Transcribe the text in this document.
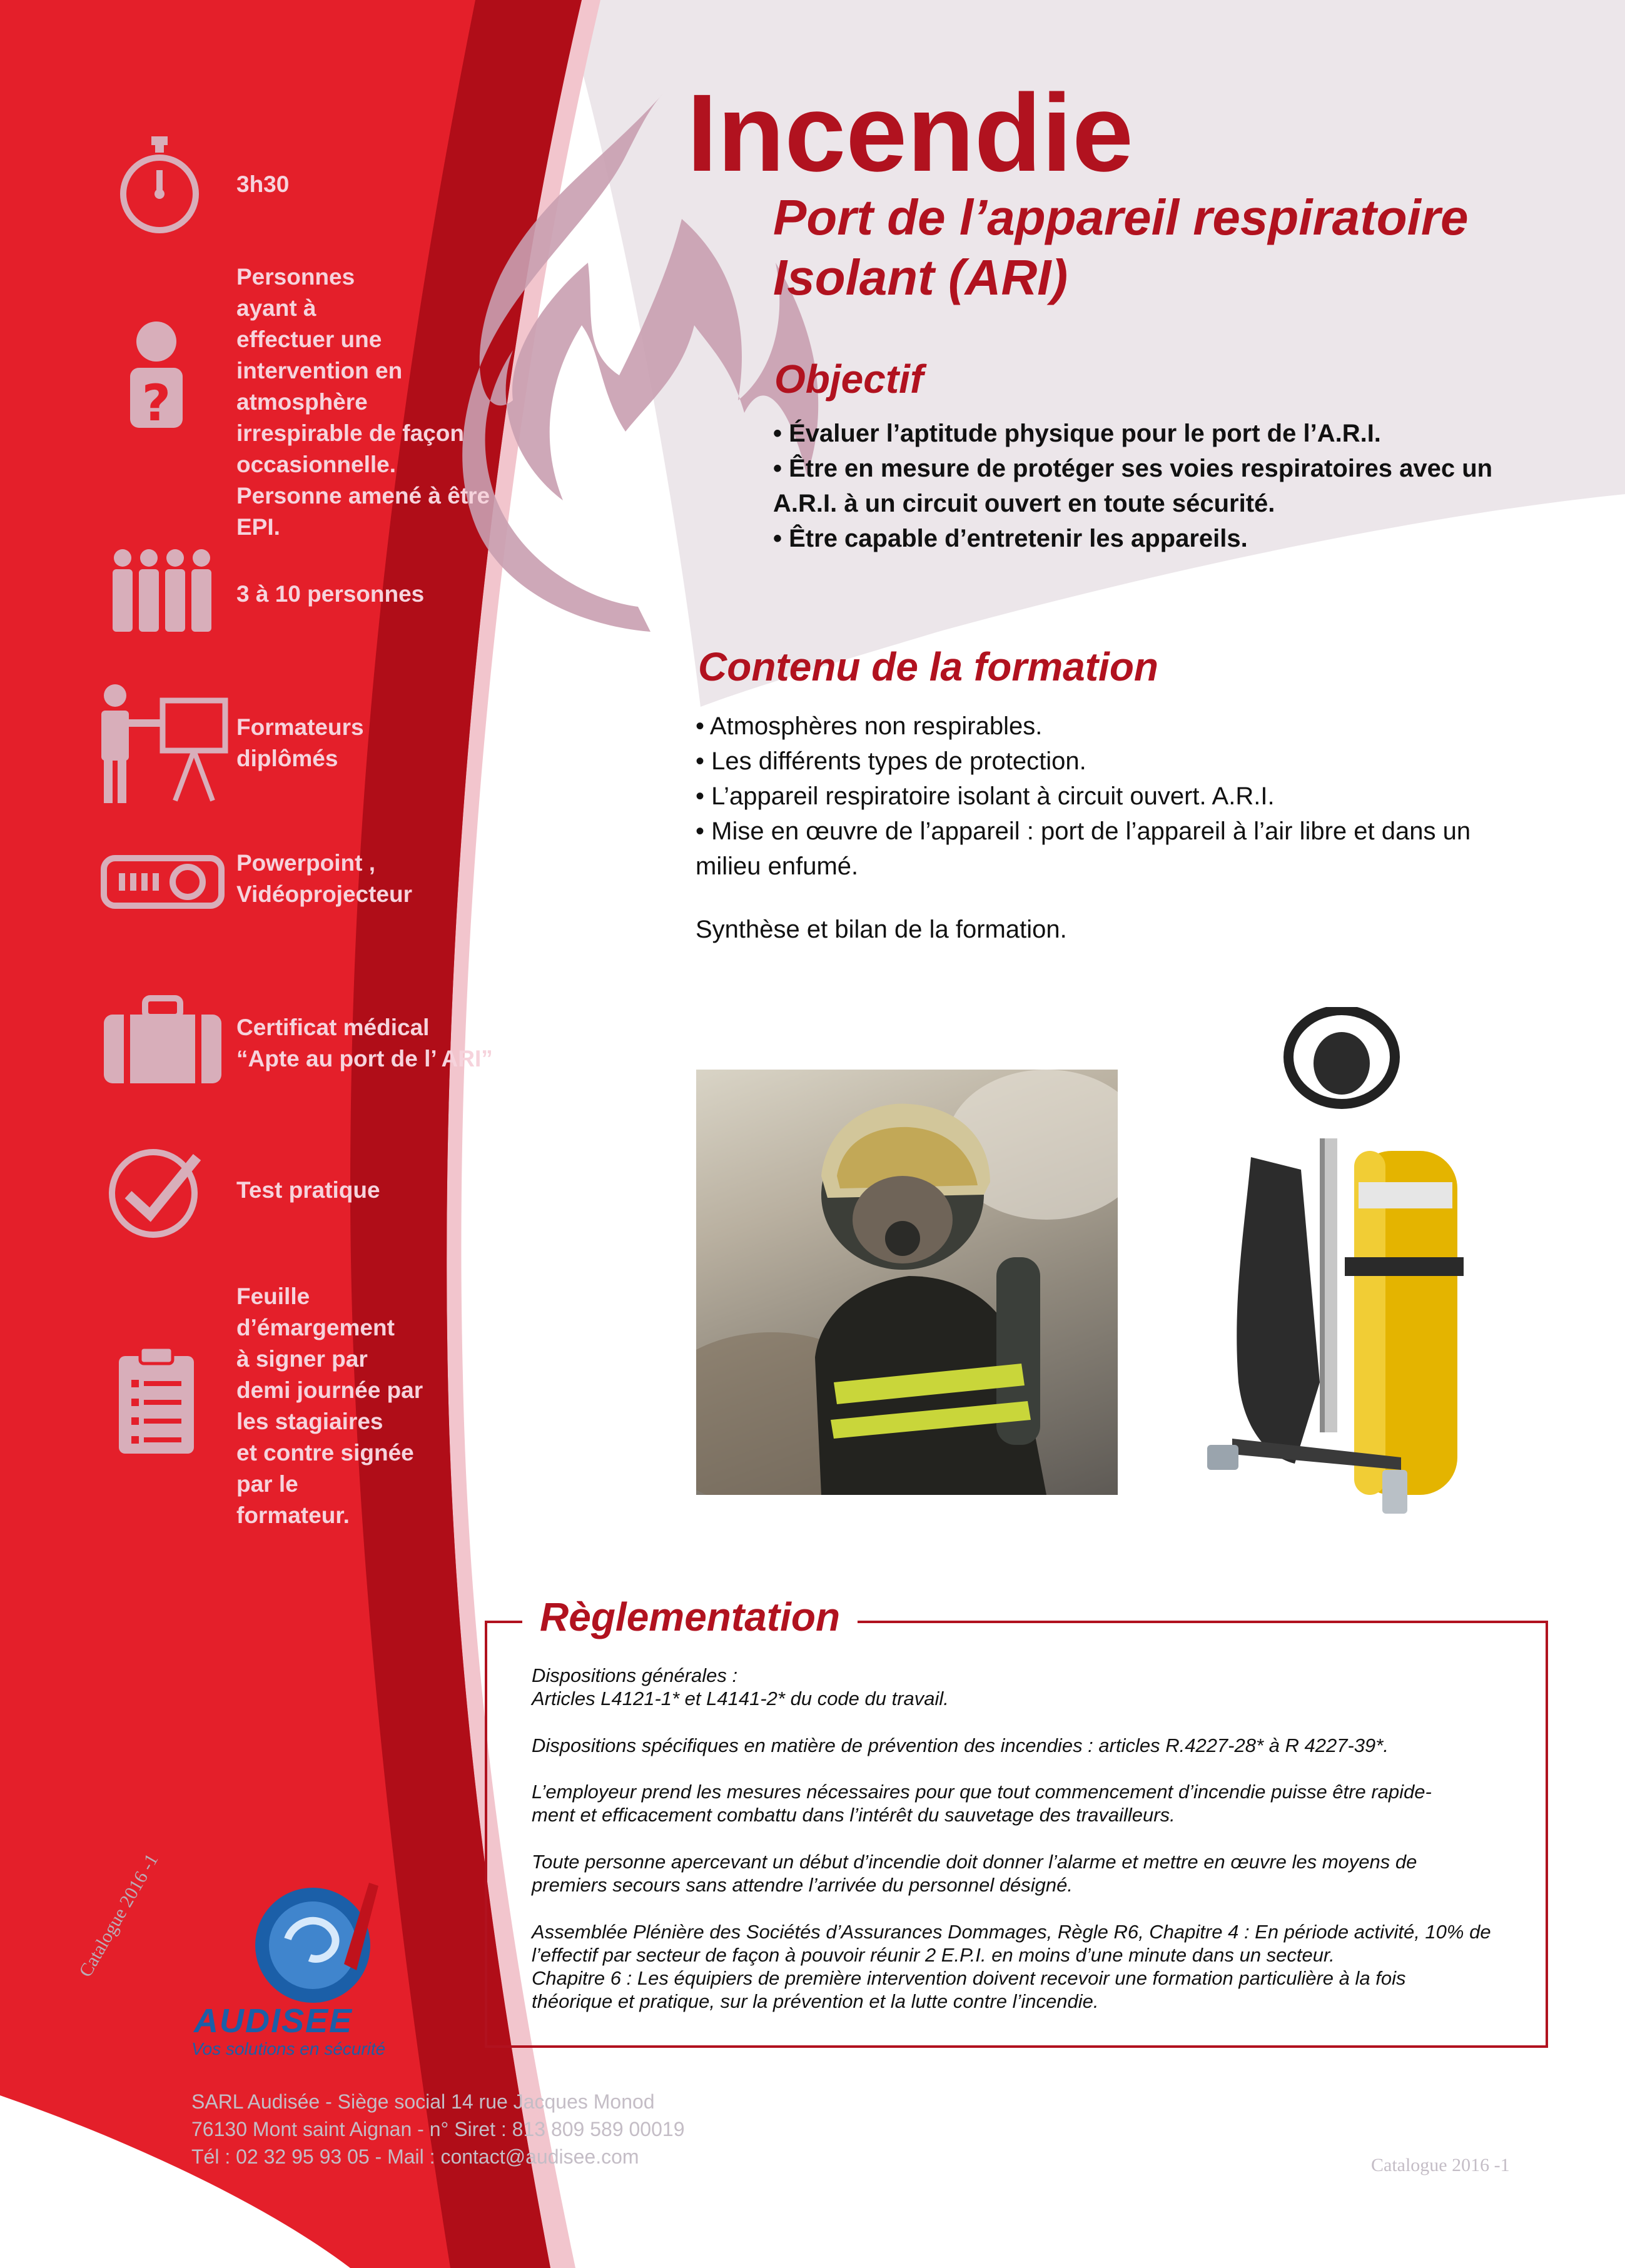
?
3h30
Personnes
ayant à
effectuer une
intervention en
atmosphère
irrespirable de façon
occasionnelle.
Personne amené à être EPI.
3 à 10 personnes
Formateurs
diplômés
Powerpoint ,
Vidéoprojecteur
Certificat médical
“Apte au port de l’ ARI”
Test pratique
Feuille
d’émargement
à signer par
demi journée par
les stagiaires
et contre signée
par le
formateur.
Incendie
Port de l’appareil respiratoire
Isolant (ARI)
Objectif
• Évaluer l’aptitude physique pour le port de l’A.R.I.
• Être en mesure de protéger ses voies respiratoires avec un A.R.I. à un circuit ouvert en toute sécurité.
• Être capable d’entretenir les appareils.
Contenu de la formation
• Atmosphères non respirables.
• Les différents types de protection.
• L’appareil respiratoire isolant à circuit ouvert. A.R.I.
• Mise en œuvre de l’appareil : port de l’appareil à l’air libre et dans un milieu enfumé.

Synthèse et bilan de la formation.

Règlementation

Dispositions générales :
Articles L4121-1* et L4141-2* du code du travail.

Dispositions spécifiques en matière de prévention des incendies : articles R.4227-28* à R 4227-39*.

L’employeur prend les mesures nécessaires pour que tout commencement d’incendie puisse être rapide-
ment et efficacement combattu dans l’intérêt du sauvetage des travailleurs.

Toute personne apercevant un début d’incendie doit donner l’alarme et mettre en œuvre les moyens de
premiers secours sans attendre l’arrivée du personnel désigné.

Assemblée Plénière des Sociétés d’Assurances Dommages, Règle R6, Chapitre 4 : En période activité, 10% de
l’effectif par secteur de façon à pouvoir réunir 2 E.P.I. en moins d’une minute dans un secteur.
Chapitre 6 : Les équipiers de première intervention doivent recevoir une formation particulière à la fois
théorique et pratique, sur la prévention et la lutte contre l’incendie.

AUDISEE
Vos solutions en sécurité
Catalogue 2016 -1

SARL Audisée - Siège social 14 rue Jacques Monod
76130 Mont saint Aignan - n° Siret : 813 809 589 00019
Tél : 02 32 95 93 05 - Mail : contact@audisee.com	Catalogue 2016 -1
